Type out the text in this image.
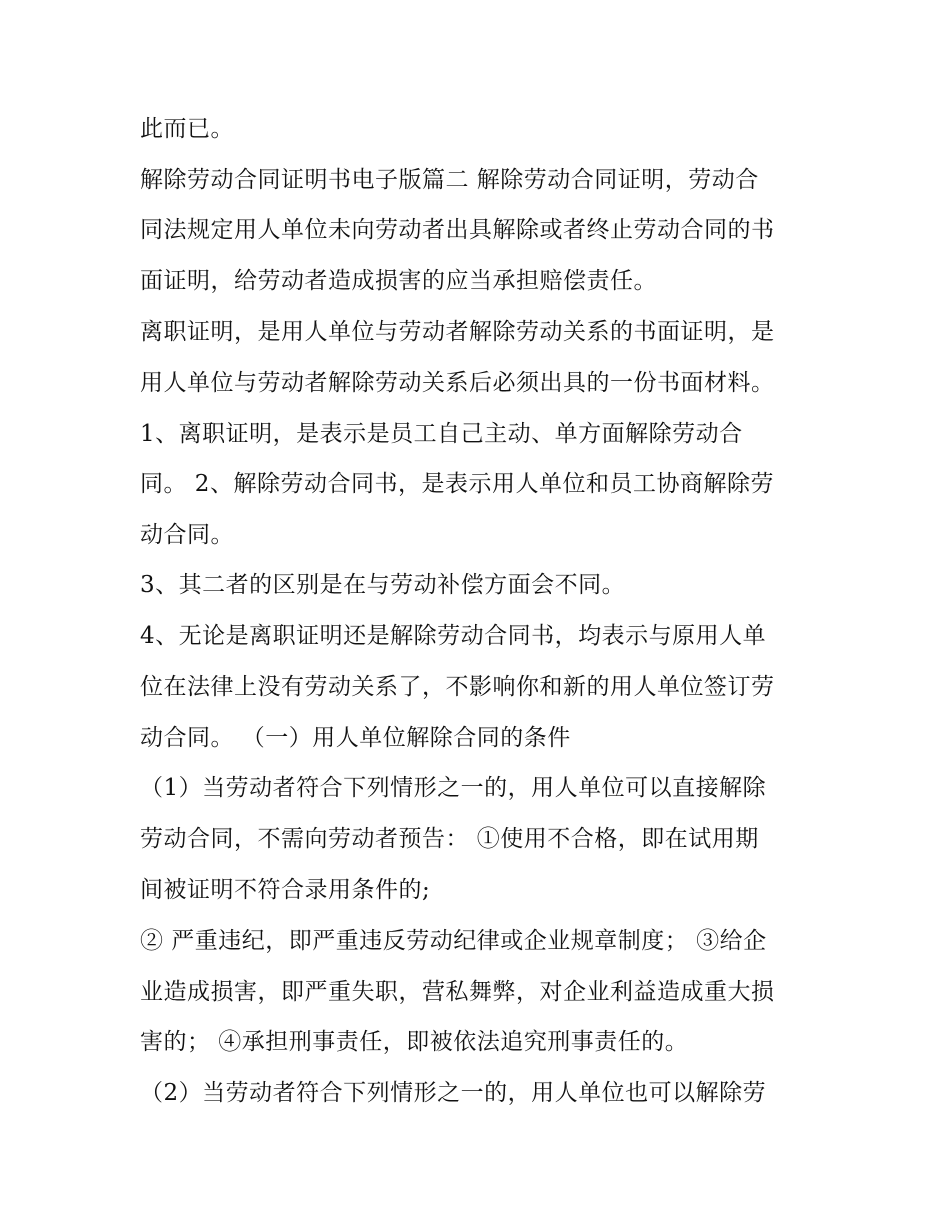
此而已。
解除劳动合同证明书电子版篇二 解除劳动合同证明，劳动合
同法规定用人单位未向劳动者出具解除或者终止劳动合同的书
面证明，给劳动者造成损害的应当承担赔偿责任。
离职证明，是用人单位与劳动者解除劳动关系的书面证明，是
用人单位与劳动者解除劳动关系后必须出具的一份书面材料。
1、离职证明，是表示是员工自己主动、单方面解除劳动合
同。 2、解除劳动合同书，是表示用人单位和员工协商解除劳
动合同。
3、其二者的区别是在与劳动补偿方面会不同。
4、无论是离职证明还是解除劳动合同书，均表示与原用人单
位在法律上没有劳动关系了，不影响你和新的用人单位签订劳
动合同。 （一）用人单位解除合同的条件
（1）当劳动者符合下列情形之一的，用人单位可以直接解除
劳动合同，不需向劳动者预告： ①使用不合格，即在试用期
间被证明不符合录用条件的;
② 严重违纪，即严重违反劳动纪律或企业规章制度； ③给企
业造成损害，即严重失职，营私舞弊，对企业利益造成重大损
害的； ④承担刑事责任，即被依法追究刑事责任的。
（2）当劳动者符合下列情形之一的，用人单位也可以解除劳
